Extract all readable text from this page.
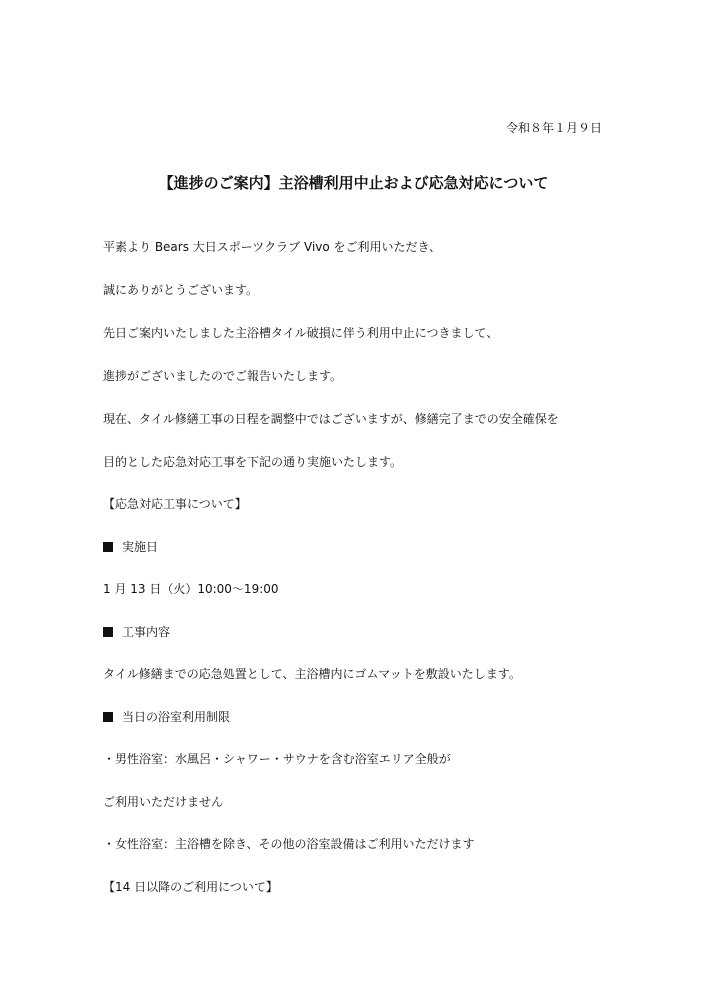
令和８年１月９日
【進捗のご案内】主浴槽利用中止および応急対応について
平素より Bears 大日スポーツクラブ Vivo をご利用いただき、
誠にありがとうございます。
先日ご案内いたしました主浴槽タイル破損に伴う利用中止につきまして、
進捗がございましたのでご報告いたします。
現在、タイル修繕工事の日程を調整中ではございますが、修繕完了までの安全確保を
目的とした応急対応工事を下記の通り実施いたします。
【応急対応工事について】
実施日
1 月 13 日（火）10:00～19:00
工事内容
タイル修繕までの応急処置として、主浴槽内にゴムマットを敷設いたします。
当日の浴室利用制限
・男性浴室：水風呂・シャワー・サウナを含む浴室エリア全般が
ご利用いただけません
・女性浴室：主浴槽を除き、その他の浴室設備はご利用いただけます
【14 日以降のご利用について】
